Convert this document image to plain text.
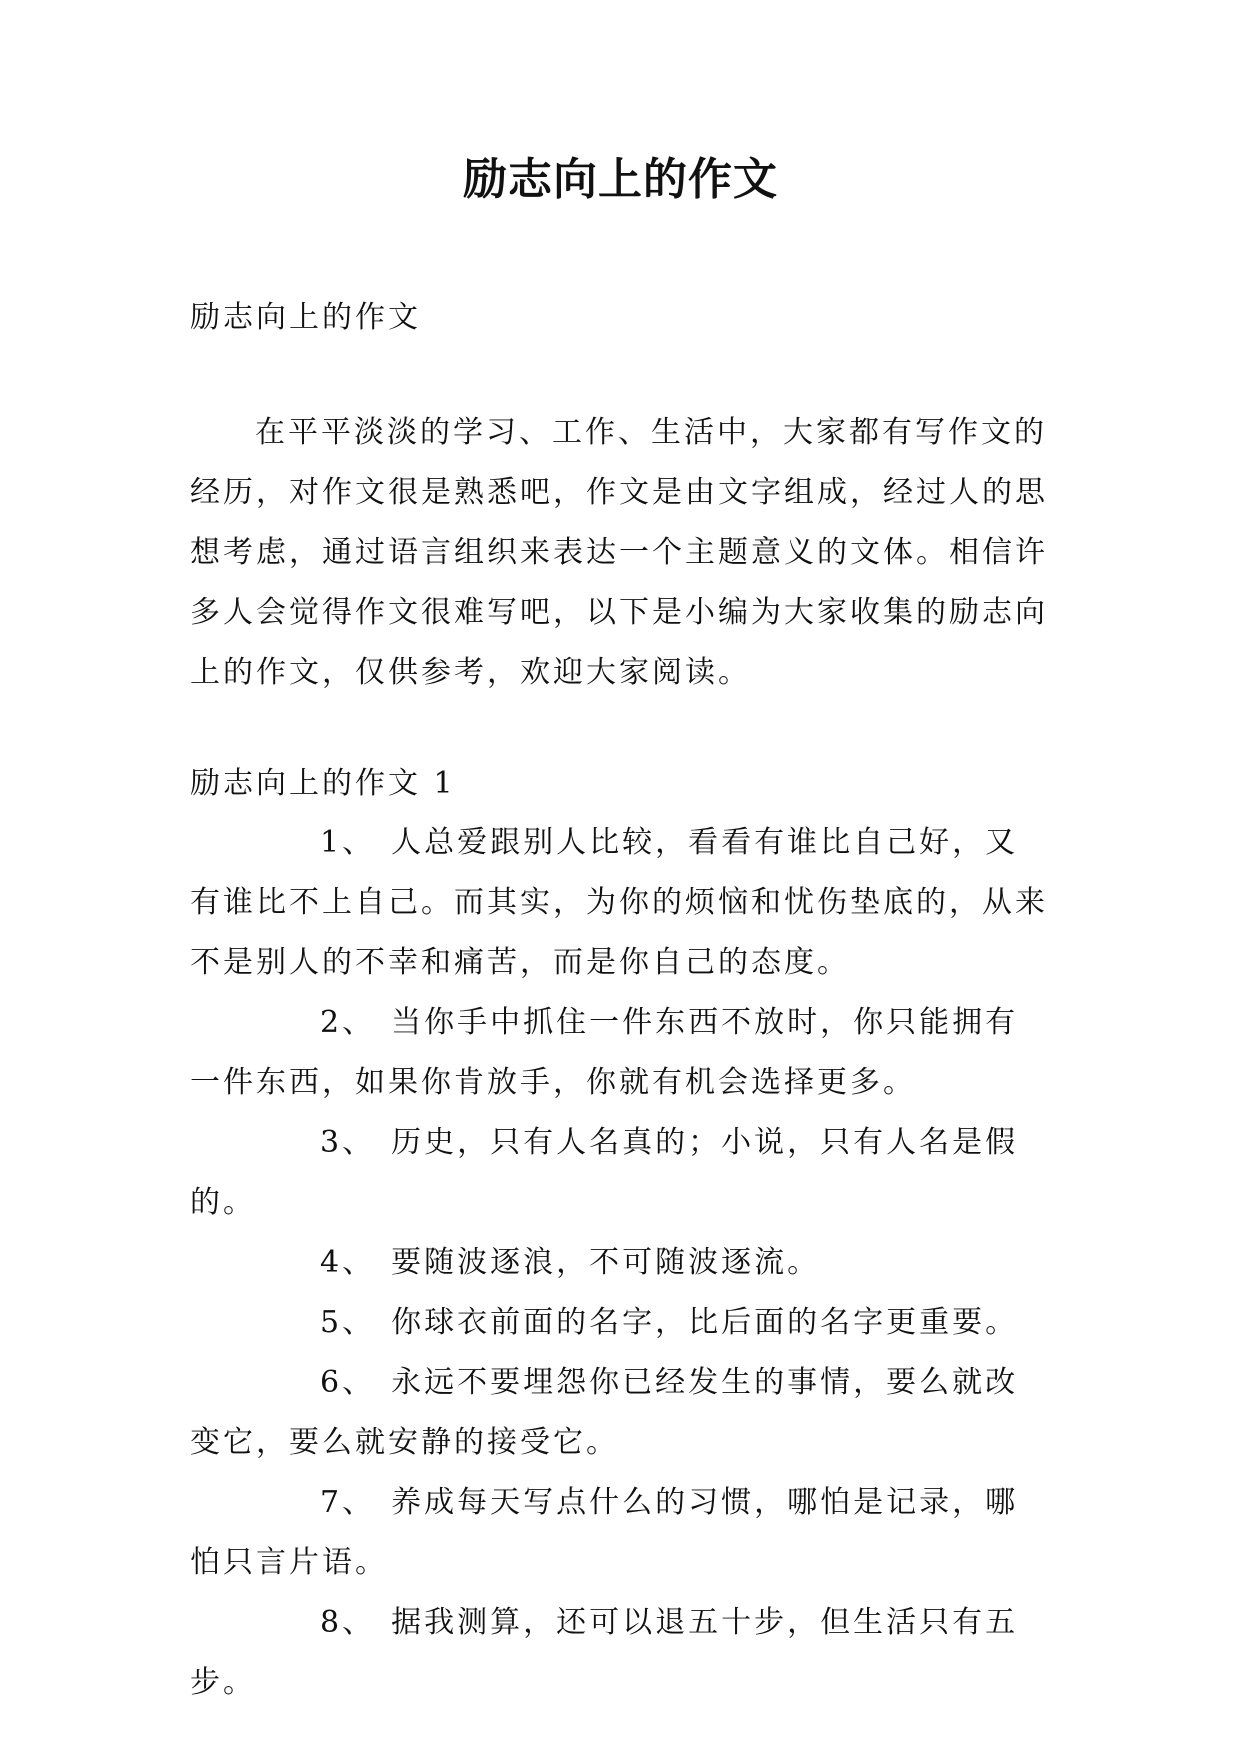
励志向上的作文
励志向上的作文

在平平淡淡的学习、工作、生活中，大家都有写作文的经历，对作文很是熟悉吧，作文是由文字组成，经过人的思想考虑，通过语言组织来表达一个主题意义的文体。相信许多人会觉得作文很难写吧，以下是小编为大家收集的励志向上的作文，仅供参考，欢迎大家阅读。

励志向上的作文 1
1、 人总爱跟别人比较，看看有谁比自己好，又有谁比不上自己。而其实，为你的烦恼和忧伤垫底的，从来不是别人的不幸和痛苦，而是你自己的态度。
2、 当你手中抓住一件东西不放时，你只能拥有一件东西，如果你肯放手，你就有机会选择更多。
3、 历史，只有人名真的；小说，只有人名是假的。
4、 要随波逐浪，不可随波逐流。
5、 你球衣前面的名字，比后面的名字更重要。
6、 永远不要埋怨你已经发生的事情，要么就改变它，要么就安静的接受它。
7、 养成每天写点什么的习惯，哪怕是记录，哪怕只言片语。
8、 据我测算，还可以退五十步，但生活只有五步。
